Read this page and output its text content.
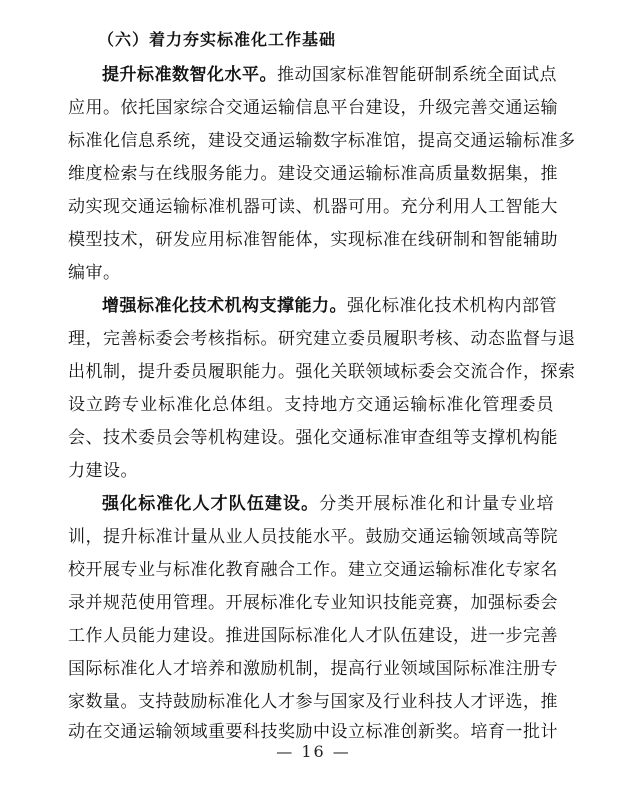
（六）着力夯实标准化工作基础
提升标准数智化水平。推动国家标准智能研制系统全面试点
应用。依托国家综合交通运输信息平台建设，升级完善交通运输
标准化信息系统，建设交通运输数字标准馆，提高交通运输标准多
维度检索与在线服务能力。建设交通运输标准高质量数据集，推
动实现交通运输标准机器可读、机器可用。充分利用人工智能大
模型技术，研发应用标准智能体，实现标准在线研制和智能辅助
编审。
增强标准化技术机构支撑能力。强化标准化技术机构内部管
理，完善标委会考核指标。研究建立委员履职考核、动态监督与退
出机制，提升委员履职能力。强化关联领域标委会交流合作，探索
设立跨专业标准化总体组。支持地方交通运输标准化管理委员
会、技术委员会等机构建设。强化交通标准审查组等支撑机构能
力建设。
强化标准化人才队伍建设。分类开展标准化和计量专业培
训，提升标准计量从业人员技能水平。鼓励交通运输领域高等院
校开展专业与标准化教育融合工作。建立交通运输标准化专家名
录并规范使用管理。开展标准化专业知识技能竞赛，加强标委会
工作人员能力建设。推进国际标准化人才队伍建设，进一步完善
国际标准化人才培养和激励机制，提高行业领域国际标准注册专
家数量。支持鼓励标准化人才参与国家及行业科技人才评选，推
动在交通运输领域重要科技奖励中设立标准创新奖。培育一批计
— 16 —
